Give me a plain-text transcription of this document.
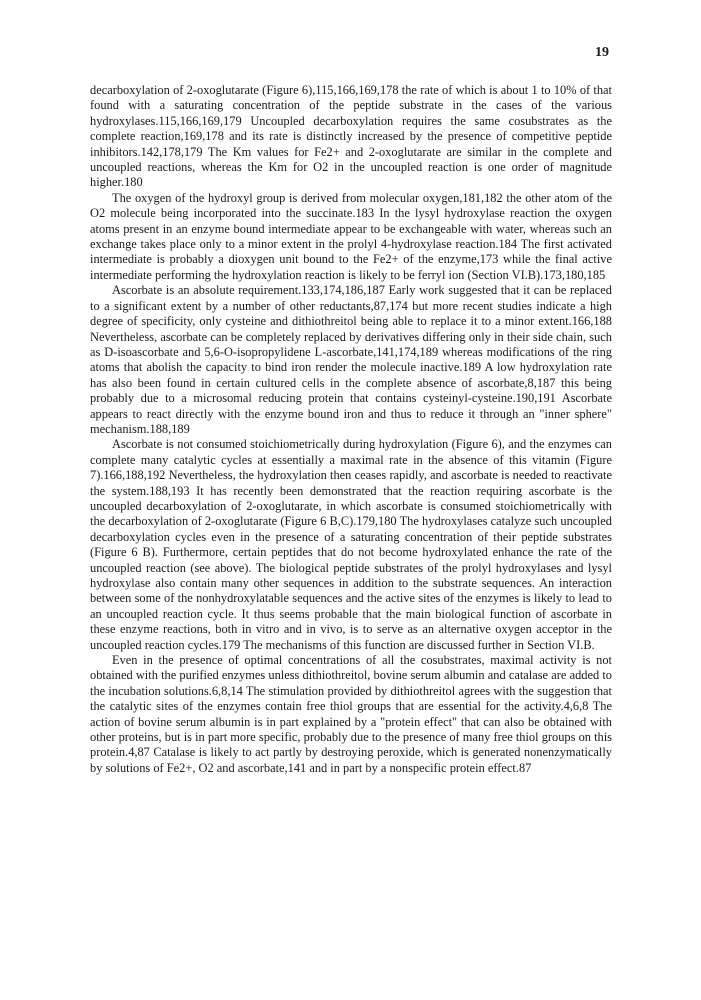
19

decarboxylation of 2-oxoglutarate (Figure 6),115,166,169,178 the rate of which is about 1 to 10% of that found with a saturating concentration of the peptide substrate in the cases of the various hydroxylases.115,166,169,179 Uncoupled decarboxylation requires the same cosubstrates as the complete reaction,169,178 and its rate is distinctly increased by the presence of competitive peptide inhibitors.142,178,179 The Km values for Fe2+ and 2-oxoglutarate are similar in the complete and uncoupled reactions, whereas the Km for O2 in the uncoupled reaction is one order of magnitude higher.180

The oxygen of the hydroxyl group is derived from molecular oxygen,181,182 the other atom of the O2 molecule being incorporated into the succinate.183 In the lysyl hydroxylase reaction the oxygen atoms present in an enzyme bound intermediate appear to be exchangeable with water, whereas such an exchange takes place only to a minor extent in the prolyl 4-hydroxylase reaction.184 The first activated intermediate is probably a dioxygen unit bound to the Fe2+ of the enzyme,173 while the final active intermediate performing the hydroxylation reaction is likely to be ferryl ion (Section VI.B).173,180,185

Ascorbate is an absolute requirement.133,174,186,187 Early work suggested that it can be replaced to a significant extent by a number of other reductants,87,174 but more recent studies indicate a high degree of specificity, only cysteine and dithiothreitol being able to replace it to a minor extent.166,188 Nevertheless, ascorbate can be completely replaced by derivatives differing only in their side chain, such as D-isoascorbate and 5,6-O-isopropylidene L-ascorbate,141,174,189 whereas modifications of the ring atoms that abolish the capacity to bind iron render the molecule inactive.189 A low hydroxylation rate has also been found in certain cultured cells in the complete absence of ascorbate,8,187 this being probably due to a microsomal reducing protein that contains cysteinyl-cysteine.190,191 Ascorbate appears to react directly with the enzyme bound iron and thus to reduce it through an "inner sphere" mechanism.188,189

Ascorbate is not consumed stoichiometrically during hydroxylation (Figure 6), and the enzymes can complete many catalytic cycles at essentially a maximal rate in the absence of this vitamin (Figure 7).166,188,192 Nevertheless, the hydroxylation then ceases rapidly, and ascorbate is needed to reactivate the system.188,193 It has recently been demonstrated that the reaction requiring ascorbate is the uncoupled decarboxylation of 2-oxoglutarate, in which ascorbate is consumed stoichiometrically with the decarboxylation of 2-oxoglutarate (Figure 6 B,C).179,180 The hydroxylases catalyze such uncoupled decarboxylation cycles even in the presence of a saturating concentration of their peptide substrates (Figure 6 B). Furthermore, certain peptides that do not become hydroxylated enhance the rate of the uncoupled reaction (see above). The biological peptide substrates of the prolyl hydroxylases and lysyl hydroxylase also contain many other sequences in addition to the substrate sequences. An interaction between some of the nonhydroxylatable sequences and the active sites of the enzymes is likely to lead to an uncoupled reaction cycle. It thus seems probable that the main biological function of ascorbate in these enzyme reactions, both in vitro and in vivo, is to serve as an alternative oxygen acceptor in the uncoupled reaction cycles.179 The mechanisms of this function are discussed further in Section VI.B.

Even in the presence of optimal concentrations of all the cosubstrates, maximal activity is not obtained with the purified enzymes unless dithiothreitol, bovine serum albumin and catalase are added to the incubation solutions.6,8,14 The stimulation provided by dithiothreitol agrees with the suggestion that the catalytic sites of the enzymes contain free thiol groups that are essential for the activity.4,6,8 The action of bovine serum albumin is in part explained by a "protein effect" that can also be obtained with other proteins, but is in part more specific, probably due to the presence of many free thiol groups on this protein.4,87 Catalase is likely to act partly by destroying peroxide, which is generated nonenzymatically by solutions of Fe2+, O2 and ascorbate,141 and in part by a nonspecific protein effect.87
